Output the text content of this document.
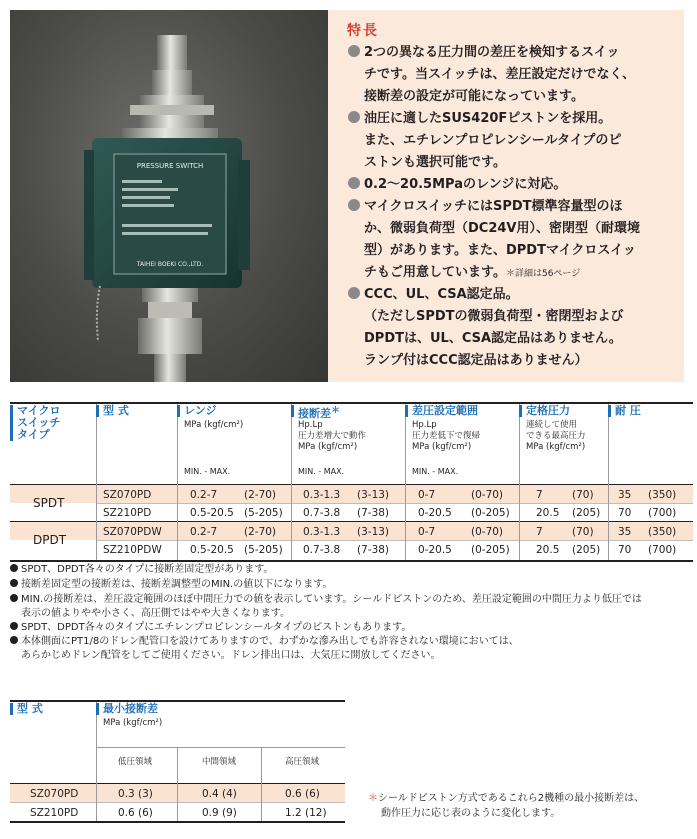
PRESSURE SWITCH
TAIHEI BOEKI CO.,LTD.
特長
2つの異なる圧力間の差圧を検知するスイッ
チです。当スイッチは、差圧設定だけでなく、
接断差の設定が可能になっています。
油圧に適したSUS420Fピストンを採用。
また、エチレンプロピレンシールタイプのピ
ストンも選択可能です。
0.2～20.5MPaのレンジに対応。
マイクロスイッチにはSPDT標準容量型のほ
か、微弱負荷型（DC24V用）、密閉型（耐環境
型）があります。また、DPDTマイクロスイッ
チもご用意しています。＊詳細は56ページ
CCC、UL、CSA認定品。
（ただしSPDTの微弱負荷型・密閉型および
DPDTは、UL、CSA認定品はありません。
ランプ付はCCC認定品はありません）
マイクロ
スイッチ
タイプ
型 式	レンジ
MPa (kgf/cm²)
接断差＊
Hp.Lp
圧力差増大で動作
MPa (kgf/cm²)
差圧設定範囲
Hp.Lp
圧力差低下で復帰
MPa (kgf/cm²)
定格圧力
連続して使用
できる最高圧力
MPa (kgf/cm²)
耐 圧
MIN. - MAX.	MIN. - MAX.	MIN. - MAX.
SPDT
DPDT
SZ070PD	0.2-7	(2-70)	0.3-1.3 (3-13)	0-7	(0-70)	7	(70) 35 (350)
SZ210PD	0.5-20.5 (5-205) 0.7-3.8 (7-38)	0-20.5 (0-205)	20.5 (205) 70 (700)
SZ070PDW	0.2-7	(2-70)	0.3-1.3 (3-13)	0-7	(0-70)	7	(70) 35 (350)
SZ210PDW	0.5-20.5 (5-205) 0.7-3.8 (7-38)	0-20.5 (0-205)	20.5 (205) 70 (700)
SPDT、DPDT各々のタイプに接断差固定型があります。
接断差固定型の接断差は、接断差調整型のMIN.の値以下になります。
MIN.の接断差は、差圧設定範囲のほぼ中間圧力での値を表示しています。シールドピストンのため、差圧設定範囲の中間圧力より低圧では
表示の値よりやや小さく、高圧側ではやや大きくなります。
SPDT、DPDT各々のタイプにエチレンプロピレンシールタイプのピストンもあります。
本体側面にPT1/8のドレン配管口を設けてありますので、わずかな滲み出しでも許容されない環境においては、
あらかじめドレン配管をしてご使用ください。ドレン排出口は、大気圧に開放してください。
型 式	最小接断差
MPa (kgf/cm²)
低圧領域	中間領域	高圧領域
SZ070PD	0.3 (3)	0.4 (4)	0.6 (6)
SZ210PD	0.6 (6)	0.9 (9)	1.2 (12)
＊シールドピストン方式であるこれら2機種の最小接断差は、
動作圧力に応じ表のように変化します。
